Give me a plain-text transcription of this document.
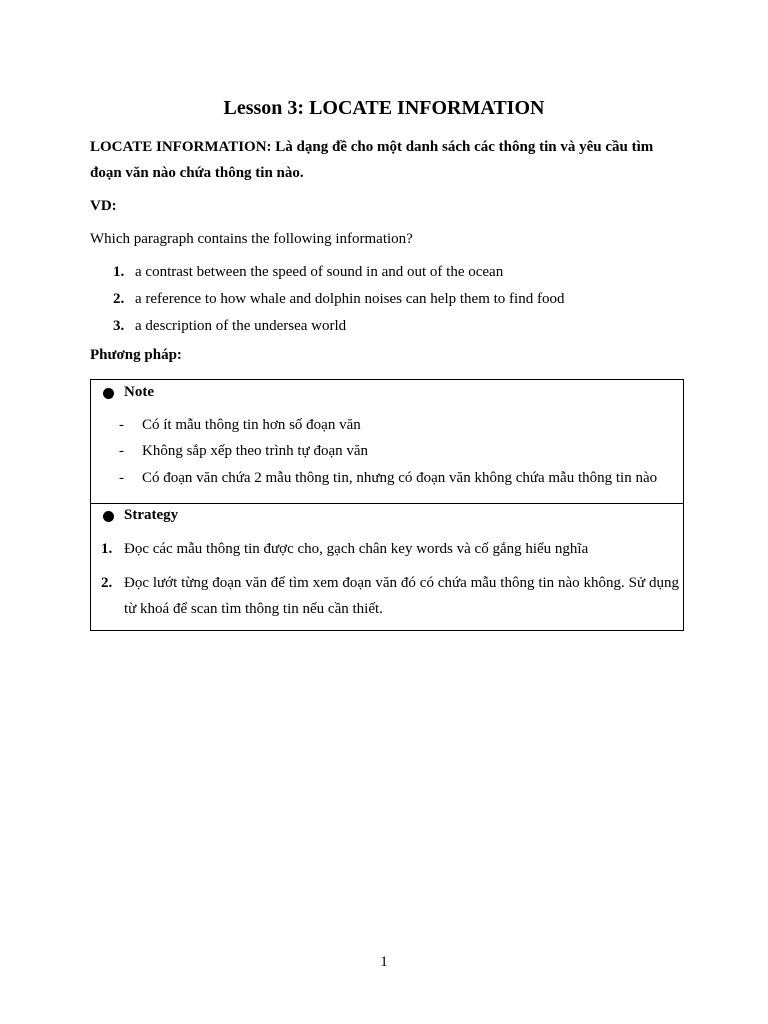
Lesson 3: LOCATE INFORMATION
LOCATE INFORMATION: Là dạng đề cho một danh sách các thông tin và yêu cầu tìm đoạn văn nào chứa thông tin nào.
VD:
Which paragraph contains the following information?
1. a contrast between the speed of sound in and out of the ocean
2. a reference to how whale and dolphin noises can help them to find food
3. a description of the undersea world
Phương pháp:
Note
- Có ít mẫu thông tin hơn số đoạn văn
- Không sắp xếp theo trình tự đoạn văn
- Có đoạn văn chứa 2 mẫu thông tin, nhưng có đoạn văn không chứa mẫu thông tin nào
Strategy
1. Đọc các mẫu thông tin được cho, gạch chân key words và cố gắng hiểu nghĩa
2. Đọc lướt từng đoạn văn để tìm xem đoạn văn đó có chứa mẫu thông tin nào không. Sử dụng từ khoá để scan tìm thông tin nếu cần thiết.
1
